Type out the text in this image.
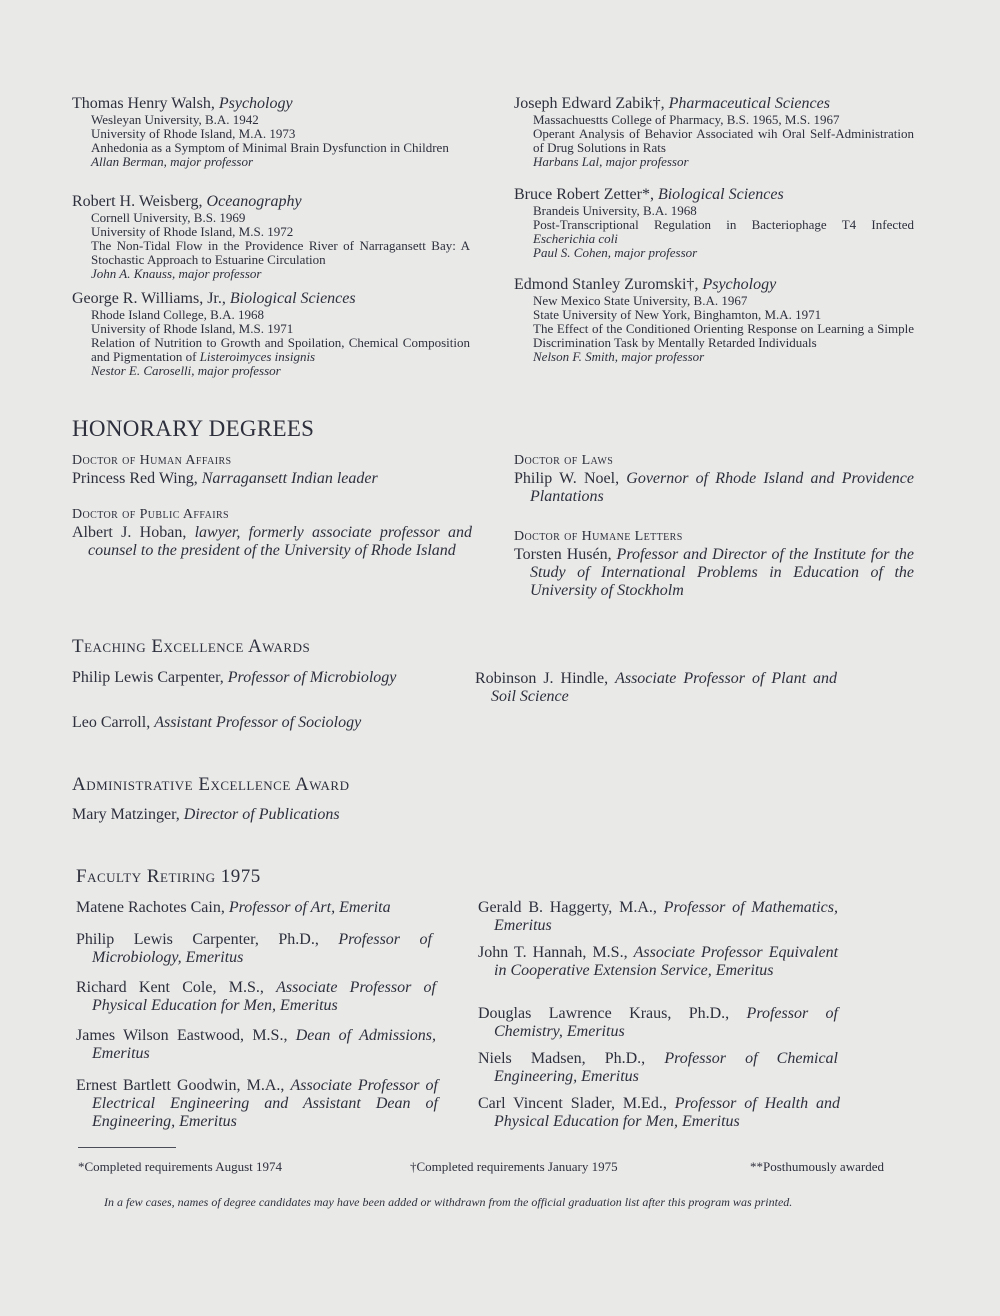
Thomas Henry Walsh, Psychology
Wesleyan University, B.A. 1942
University of Rhode Island, M.A. 1973
Anhedonia as a Symptom of Minimal Brain Dysfunction in Children
Allan Berman, major professor
Robert H. Weisberg, Oceanography
Cornell University, B.S. 1969
University of Rhode Island, M.S. 1972
The Non-Tidal Flow in the Providence River of Narragansett Bay: A Stochastic Approach to Estuarine Circulation
John A. Knauss, major professor
George R. Williams, Jr., Biological Sciences
Rhode Island College, B.A. 1968
University of Rhode Island, M.S. 1971
Relation of Nutrition to Growth and Spoilation, Chemical Composition and Pigmentation of Listeroimyces insignis
Nestor E. Caroselli, major professor
Joseph Edward Zabik†, Pharmaceutical Sciences
Massachuestts College of Pharmacy, B.S. 1965, M.S. 1967
Operant Analysis of Behavior Associated wih Oral Self-Administration of Drug Solutions in Rats
Harbans Lal, major professor
Bruce Robert Zetter*, Biological Sciences
Brandeis University, B.A. 1968
Post-Transcriptional Regulation in Bacteriophage T4 Infected Escherichia coli
Paul S. Cohen, major professor
Edmond Stanley Zuromski†, Psychology
New Mexico State University, B.A. 1967
State University of New York, Binghamton, M.A. 1971
The Effect of the Conditioned Orienting Response on Learning a Simple Discrimination Task by Mentally Retarded Individuals
Nelson F. Smith, major professor
HONORARY DEGREES
Doctor of Human Affairs
Princess Red Wing, Narragansett Indian leader
Doctor of Public Affairs
Albert J. Hoban, lawyer, formerly associate professor and counsel to the president of the University of Rhode Island
Doctor of Laws
Philip W. Noel, Governor of Rhode Island and Providence Plantations
Doctor of Humane Letters
Torsten Husén, Professor and Director of the Institute for the Study of International Problems in Education of the University of Stockholm
Teaching Excellence Awards
Philip Lewis Carpenter, Professor of Microbiology
Leo Carroll, Assistant Professor of Sociology
Robinson J. Hindle, Associate Professor of Plant and Soil Science
Administrative Excellence Award
Mary Matzinger, Director of Publications
Faculty Retiring 1975
Matene Rachotes Cain, Professor of Art, Emerita
Philip Lewis Carpenter, Ph.D., Professor of Microbiology, Emeritus
Richard Kent Cole, M.S., Associate Professor of Physical Education for Men, Emeritus
James Wilson Eastwood, M.S., Dean of Admissions, Emeritus
Ernest Bartlett Goodwin, M.A., Associate Professor of Electrical Engineering and Assistant Dean of Engineering, Emeritus
Gerald B. Haggerty, M.A., Professor of Mathematics, Emeritus
John T. Hannah, M.S., Associate Professor Equivalent in Cooperative Extension Service, Emeritus
Douglas Lawrence Kraus, Ph.D., Professor of Chemistry, Emeritus
Niels Madsen, Ph.D., Professor of Chemical Engineering, Emeritus
Carl Vincent Slader, M.Ed., Professor of Health and Physical Education for Men, Emeritus
*Completed requirements August 1974	†Completed requirements January 1975	**Posthumously awarded
In a few cases, names of degree candidates may have been added or withdrawn from the official graduation list after this program was printed.
